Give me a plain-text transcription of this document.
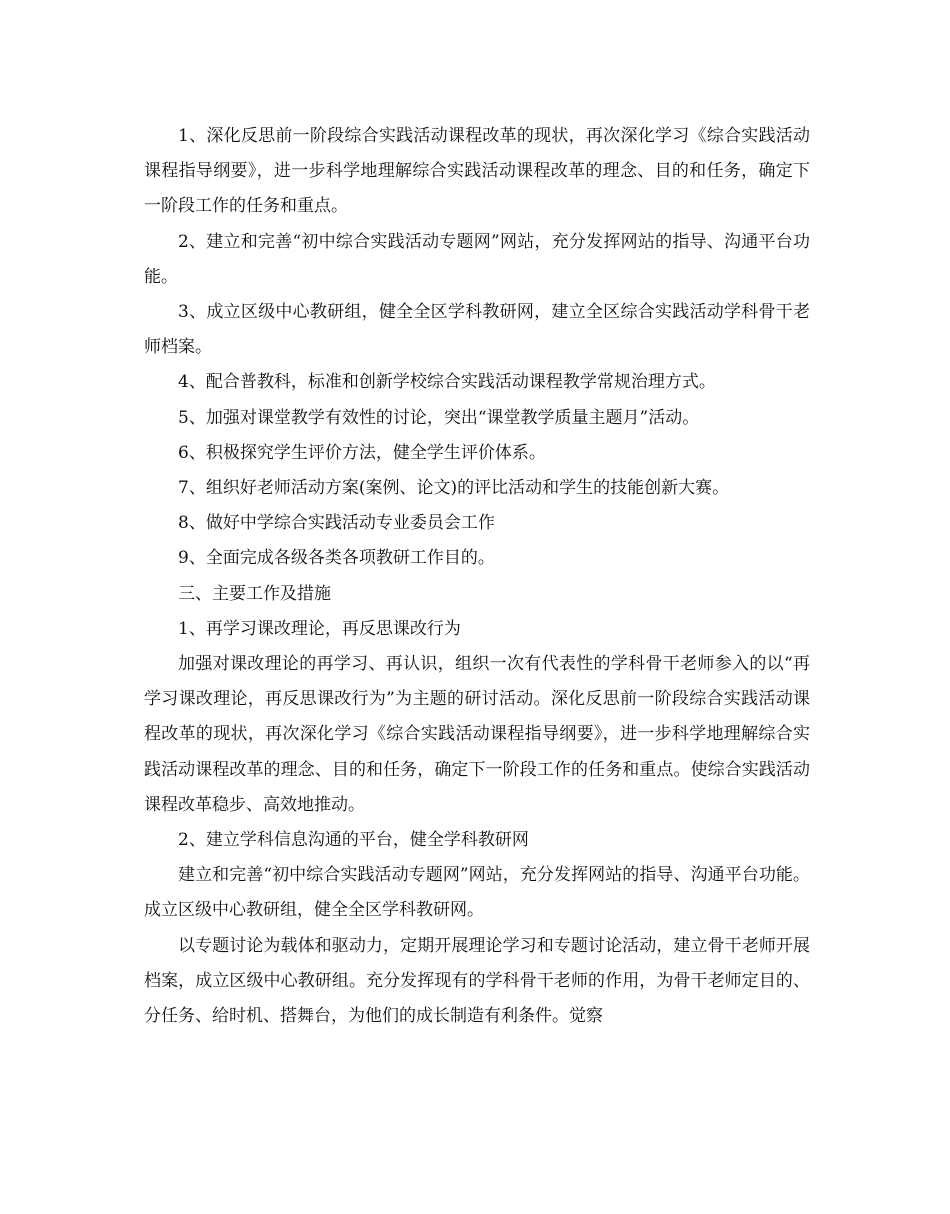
1、深化反思前一阶段综合实践活动课程改革的现状，再次深化学习《综合实践活动课程指导纲要》，进一步科学地理解综合实践活动课程改革的理念、目的和任务，确定下一阶段工作的任务和重点。

2、建立和完善“初中综合实践活动专题网”网站，充分发挥网站的指导、沟通平台功能。

3、成立区级中心教研组，健全全区学科教研网，建立全区综合实践活动学科骨干老师档案。

4、配合普教科，标准和创新学校综合实践活动课程教学常规治理方式。

5、加强对课堂教学有效性的讨论，突出“课堂教学质量主题月”活动。

6、积极探究学生评价方法，健全学生评价体系。

7、组织好老师活动方案(案例、论文)的评比活动和学生的技能创新大赛。

8、做好中学综合实践活动专业委员会工作

9、全面完成各级各类各项教研工作目的。

三、主要工作及措施

1、再学习课改理论，再反思课改行为

加强对课改理论的再学习、再认识，组织一次有代表性的学科骨干老师参入的以“再学习课改理论，再反思课改行为”为主题的研讨活动。深化反思前一阶段综合实践活动课程改革的现状，再次深化学习《综合实践活动课程指导纲要》，进一步科学地理解综合实践活动课程改革的理念、目的和任务，确定下一阶段工作的任务和重点。使综合实践活动课程改革稳步、高效地推动。

2、建立学科信息沟通的平台，健全学科教研网

建立和完善“初中综合实践活动专题网”网站，充分发挥网站的指导、沟通平台功能。成立区级中心教研组，健全全区学科教研网。

以专题讨论为载体和驱动力，定期开展理论学习和专题讨论活动，建立骨干老师开展档案，成立区级中心教研组。充分发挥现有的学科骨干老师的作用，为骨干老师定目的、分任务、给时机、搭舞台，为他们的成长制造有利条件。觉察
